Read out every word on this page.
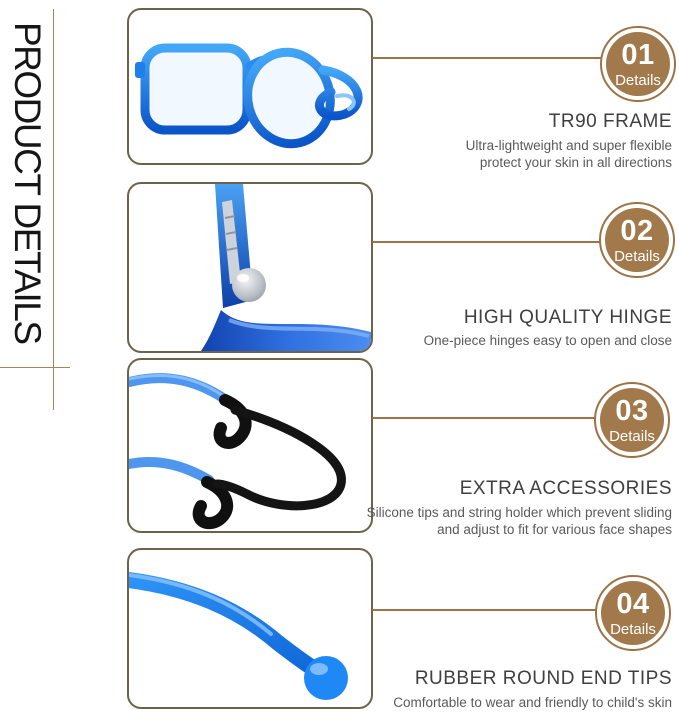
PRODUCT DETAILS	01
Details
TR90 FRAME
Ultra-lightweight and super flexible
protect your skin in all directions
02
Details
HIGH QUALITY HINGE
One-piece hinges easy to open and close
03
Details
EXTRA ACCESSORIES
Silicone tips and string holder which prevent sliding
and adjust to fit for various face shapes
04
Details
RUBBER ROUND END TIPS
Comfortable to wear and friendly to child's skin
